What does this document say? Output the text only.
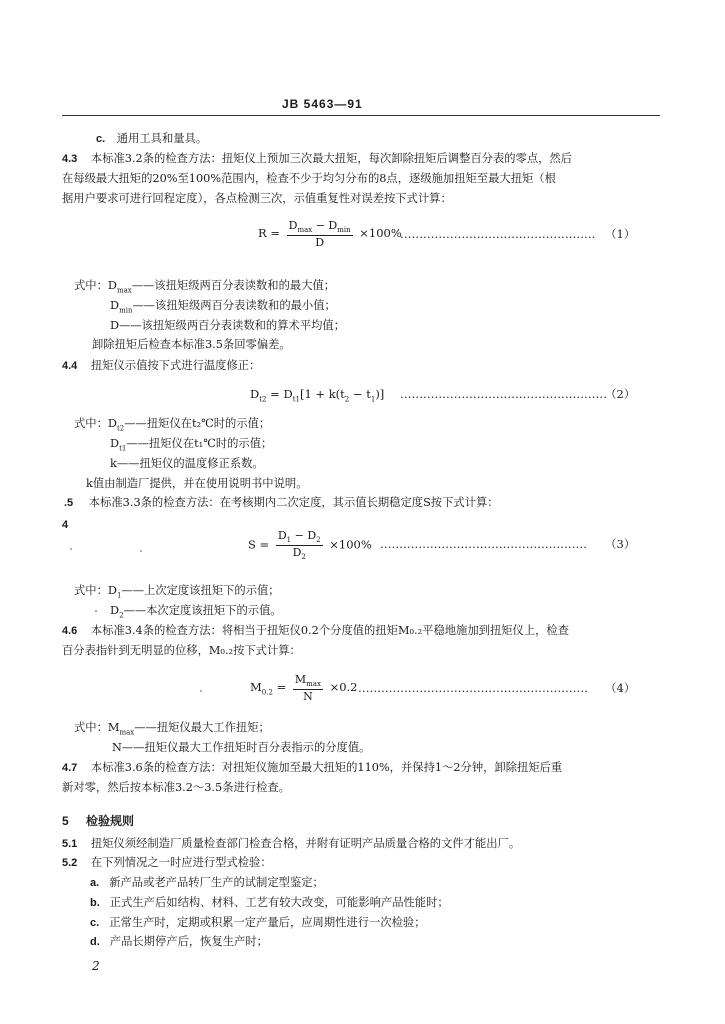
JB 5463—91
c. 通用工具和量具。
4.3 本标准3.2条的检查方法：扭矩仪上预加三次最大扭矩，每次卸除扭矩后调整百分表的零点，然后
在每级最大扭矩的20%至100%范围内，检查不少于均匀分布的8点，逐级施加扭矩至最大扭矩（根
据用户要求可进行回程定度），各点检测三次，示值重复性对误差按下式计算：
$R = \frac{D_{max} - D_{min}}{D} \times 100\%$
…………………………………………… （1）
式中：$D_{max}——$该扭矩级两百分表读数和的最大值；
$D_{min}——$该扭矩级两百分表读数和的最小值；
D——该扭矩级两百分表读数和的算术平均值；
卸除扭矩后检查本标准3.5条回零偏差。
4.4 扭矩仪示值按下式进行温度修正：
$D_{t2} = D_{t1}[1 + k(t_2 - t_1)]$ ………………………………………………
（2）
式中：$D_{t2}——$扭矩仪在t₂℃时的示值；
$D_{t1}——$扭矩仪在t₁℃时的示值；
k——扭矩仪的温度修正系数。
k值由制造厂提供，并在使用说明书中说明。
.5 本标准3.3条的检查方法：在考核期内二次定度，其示值长期稳定度S按下式计算：
4
$S = \frac{D_1 - D_2}{D_2} \times 100\%$ ……………………………………………… （3）
式中：$D_1——$上次定度该扭矩下的示值；
$D_2——$本次定度该扭矩下的示值。
4.6 本标准3.4条的检查方法：将相当于扭矩仪0.2个分度值的扭矩M₀.₂平稳地施加到扭矩仪上，检查
百分表指针到无明显的位移，M₀.₂按下式计算：
$M_{0.2} = \frac{M_{max}}{N} \times 0.2$ …………………………………………………… （4）
式中：$M_{max}——$扭矩仪最大工作扭矩；
N——扭矩仪最大工作扭矩时百分表指示的分度值。
4.7 本标准3.6条的检查方法：对扭矩仪施加至最大扭矩的110%，并保持1～2分钟，卸除扭矩后重
新对零，然后按本标准3.2～3.5条进行检查。
5 检验规则
5.1 扭矩仪须经制造厂质量检查部门检查合格，并附有证明产品质量合格的文件才能出厂。
5.2 在下列情况之一时应进行型式检验：
a. 新产品或老产品转厂生产的试制定型鉴定；
b. 正式生产后如结构、材料、工艺有较大改变，可能影响产品性能时；
c. 正常生产时，定期或积累一定产量后，应周期性进行一次检验；
d. 产品长期停产后，恢复生产时；
2
